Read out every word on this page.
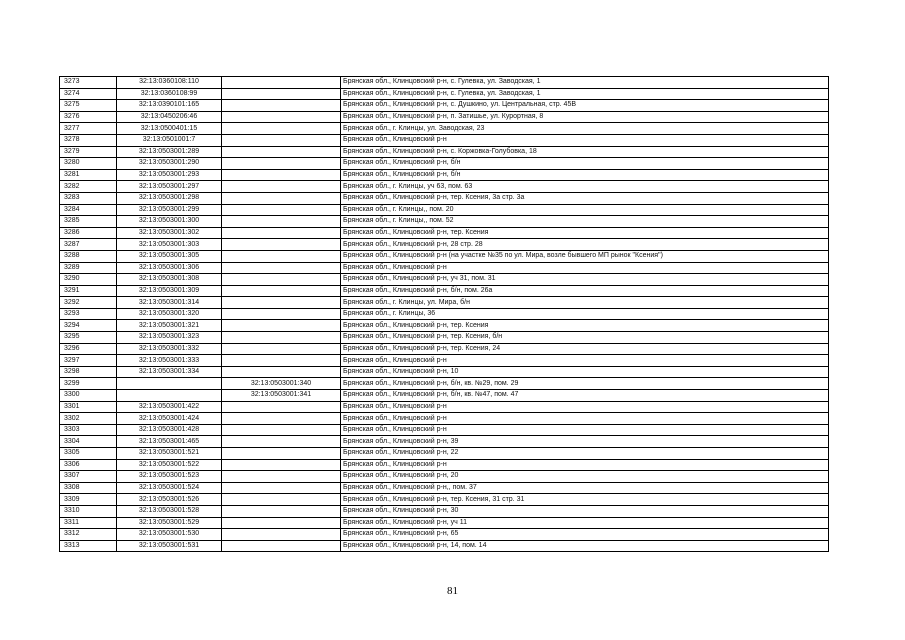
3273	32:13:0360108:110		Брянская обл., Клинцовский р-н, с. Гулевка, ул. Заводская, 1
3274	32:13:0360108:99		Брянская обл., Клинцовский р-н, с. Гулевка, ул. Заводская, 1
3275	32:13:0390101:165		Брянская обл., Клинцовский р-н, с. Душкино, ул. Центральная, стр. 45В
3276	32:13:0450206:46		Брянская обл., Клинцовский р-н, п. Затишье, ул. Курортная, 8
3277	32:13:0500401:15		Брянская обл., г. Клинцы, ул. Заводская, 23
3278	32:13:0501001:7		Брянская обл., Клинцовский р-н
3279	32:13:0503001:289		Брянская обл., Клинцовский р-н, с. Коржовка-Голубовка, 18
3280	32:13:0503001:290		Брянская обл., Клинцовский р-н, б/н
3281	32:13:0503001:293		Брянская обл., Клинцовский р-н, б/н
3282	32:13:0503001:297		Брянская обл., г. Клинцы, уч 63, пом. 63
3283	32:13:0503001:298		Брянская обл., Клинцовский р-н, тер. Ксения, 3а стр. 3а
3284	32:13:0503001:299		Брянская обл., г. Клинцы,, пом. 20
3285	32:13:0503001:300		Брянская обл., г. Клинцы,, пом. 52
3286	32:13:0503001:302		Брянская обл., Клинцовский р-н, тер. Ксения
3287	32:13:0503001:303		Брянская обл., Клинцовский р-н, 28 стр. 28
3288	32:13:0503001:305		Брянская обл., Клинцовский р-н (на участке №35 по ул. Мира, возле бывшего МП рынок "Ксения")
3289	32:13:0503001:306		Брянская обл., Клинцовский р-н
3290	32:13:0503001:308		Брянская обл., Клинцовский р-н, уч 31, пом. 31
3291	32:13:0503001:309		Брянская обл., Клинцовский р-н, б/н, пом. 26а
3292	32:13:0503001:314		Брянская обл., г. Клинцы, ул. Мира, б/н
3293	32:13:0503001:320		Брянская обл., г. Клинцы, 36
3294	32:13:0503001:321		Брянская обл., Клинцовский р-н, тер. Ксения
3295	32:13:0503001:323		Брянская обл., Клинцовский р-н, тер. Ксения, б/н
3296	32:13:0503001:332		Брянская обл., Клинцовский р-н, тер. Ксения, 24
3297	32:13:0503001:333		Брянская обл., Клинцовский р-н
3298	32:13:0503001:334		Брянская обл., Клинцовский р-н, 10
3299		32:13:0503001:340	Брянская обл., Клинцовский р-н, б/н, кв. №29, пом. 29
3300		32:13:0503001:341	Брянская обл., Клинцовский р-н, б/н, кв. №47, пом. 47
3301	32:13:0503001:422		Брянская обл., Клинцовский р-н
3302	32:13:0503001:424		Брянская обл., Клинцовский р-н
3303	32:13:0503001:428		Брянская обл., Клинцовский р-н
3304	32:13:0503001:465		Брянская обл., Клинцовский р-н, 39
3305	32:13:0503001:521		Брянская обл., Клинцовский р-н, 22
3306	32:13:0503001:522		Брянская обл., Клинцовский р-н
3307	32:13:0503001:523		Брянская обл., Клинцовский р-н, 20
3308	32:13:0503001:524		Брянская обл., Клинцовский р-н,, пом. 37
3309	32:13:0503001:526		Брянская обл., Клинцовский р-н, тер. Ксения, 31 стр. 31
3310	32:13:0503001:528		Брянская обл., Клинцовский р-н, 30
3311	32:13:0503001:529		Брянская обл., Клинцовский р-н, уч 11
3312	32:13:0503001:530		Брянская обл., Клинцовский р-н, 65
3313	32:13:0503001:531		Брянская обл., Клинцовский р-н, 14, пом. 14
81
